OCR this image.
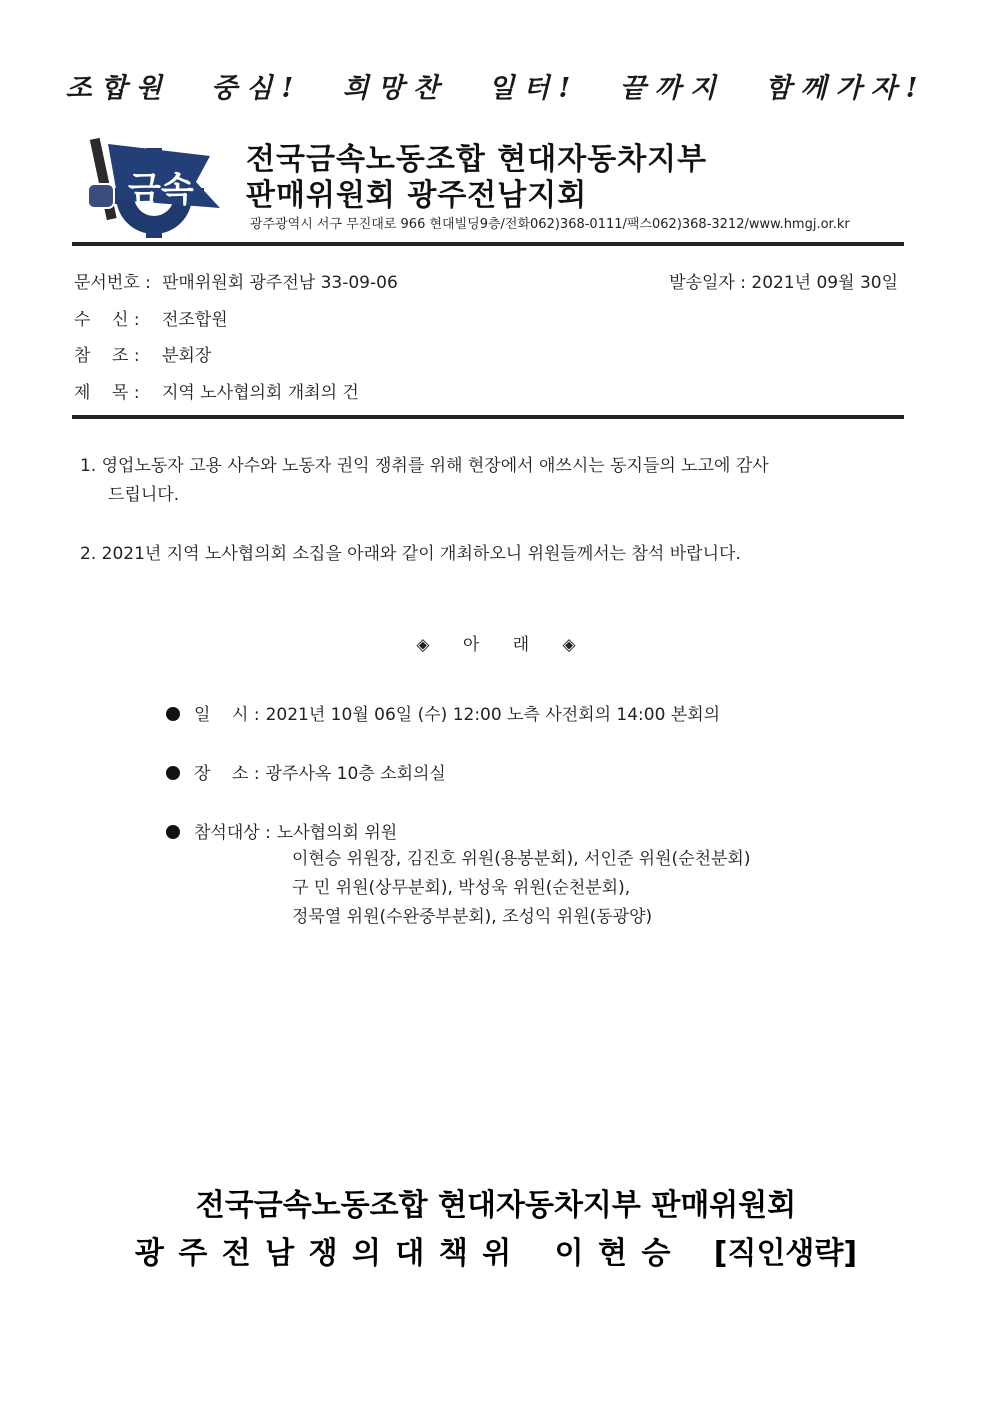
조합원 중심! 희망찬 일터! 끝까지 함께가자!
금속
전국금속노동조합 현대자동차지부
판매위원회 광주전남지회
광주광역시 서구 무진대로 966 현대빌딩9층/전화062)368-0111/팩스062)368-3212/www.hmgj.or.kr
문서번호 : 판매위원회 광주전남 33-09-06	발송일자 : 2021년 09월 30일
수    신 : 전조합원
참    조 : 분회장
제    목 : 지역 노사협의회 개최의 건
1. 영업노동자 고용 사수와 노동자 권익 쟁취를 위해 현장에서 애쓰시는 동지들의 노고에 감사
드립니다.
2. 2021년 지역 노사협의회 소집을 아래와 같이 개최하오니 위원들께서는 참석 바랍니다.
◈ 아 래 ◈
일    시 : 2021년 10월 06일 (수) 12:00 노측 사전회의 14:00 본회의
장    소 : 광주사옥 10층 소회의실
참석대상 : 노사협의회 위원
이현승 위원장, 김진호 위원(용봉분회), 서인준 위원(순천분회)
구 민 위원(상무분회), 박성욱 위원(순천분회),
정묵열 위원(수완중부분회), 조성익 위원(동광양)
전국금속노동조합 현대자동차지부 판매위원회
광 주 전 남 쟁 의 대 책 위   이 현 승   [직인생략]
